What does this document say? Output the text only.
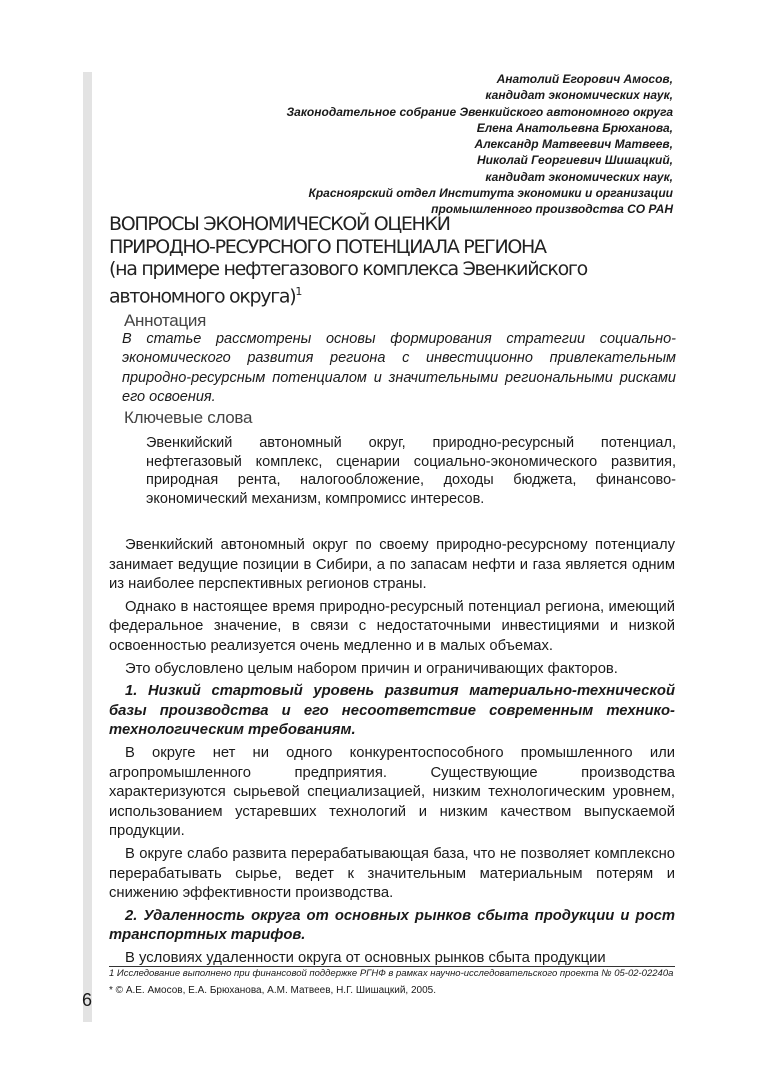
Анатолий Егорович Амосов,
кандидат экономических наук,
Законодательное собрание Эвенкийского автономного округа
Елена Анатольевна Брюханова,
Александр Матвеевич Матвеев,
Николай Георгиевич Шишацкий,
кандидат экономических наук,
Красноярский отдел Института экономики и организации
промышленного производства СО РАН
ВОПРОСЫ ЭКОНОМИЧЕСКОЙ ОЦЕНКИ
ПРИРОДНО-РЕСУРСНОГО ПОТЕНЦИАЛА РЕГИОНА
(на примере нефтегазового комплекса Эвенкийского
автономного округа)$^1$
Аннотация
В статье рассмотрены основы формирования стратегии социально-экономического развития региона с инвестиционно привлекательным природно-ресурсным потенциалом и значительными региональными рисками его освоения.
Ключевые слова
Эвенкийский автономный округ, природно-ресурсный потенциал, нефтегазовый комплекс, сценарии социально-экономического развития, природная рента, налогообложение, доходы бюджета, финансово-экономический механизм, компромисс интересов.

Эвенкийский автономный округ по своему природно-ресурсному потенциалу занимает ведущие позиции в Сибири, а по запасам нефти и газа является одним из наиболее перспективных регионов страны.

Однако в настоящее время природно-ресурсный потенциал региона, имеющий федеральное значение, в связи с недостаточными инвестициями и низкой освоенностью реализуется очень медленно и в малых объемах.

Это обусловлено целым набором причин и ограничивающих факторов.

1. Низкий стартовый уровень развития материально-технической базы производства и его несоответствие современным технико-технологическим требованиям.

В округе нет ни одного конкурентоспособного промышленного или агропромышленного предприятия. Существующие производства характеризуются сырьевой специализацией, низким технологическим уровнем, использованием устаревших технологий и низким качеством выпускаемой продукции.

В округе слабо развита перерабатывающая база, что не позволяет комплексно перерабатывать сырье, ведет к значительным материальным потерям и снижению эффективности производства.

2. Удаленность округа от основных рынков сбыта продукции и рост транспортных тарифов.

В условиях удаленности округа от основных рынков сбыта продукции

1 Исследование выполнено при финансовой поддержке РГНФ в рамках научно-исследовательского проекта № 05-02-02240а
* © А.Е. Амосов, Е.А. Брюханова, А.М. Матвеев, Н.Г. Шишацкий, 2005.
6
